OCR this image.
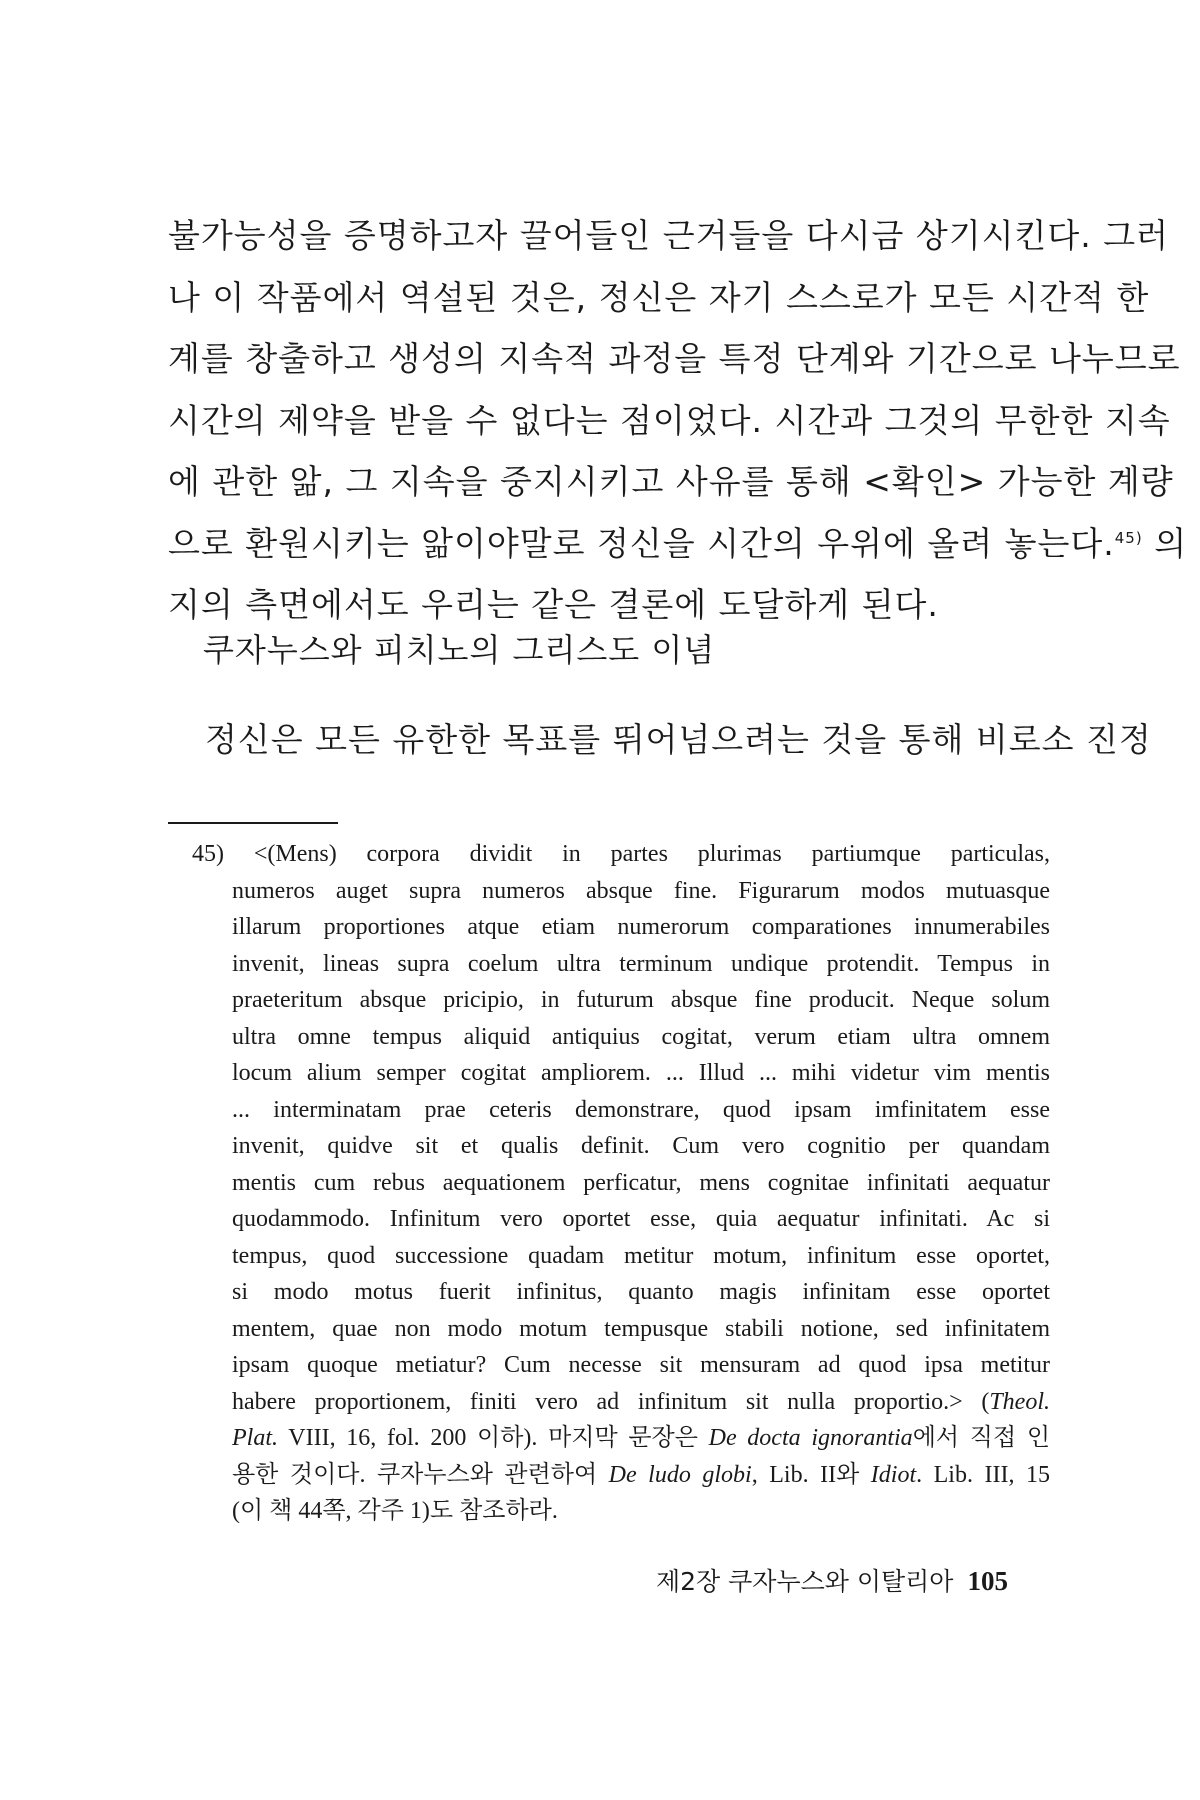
불가능성을 증명하고자 끌어들인 근거들을 다시금 상기시킨다. 그러
나 이 작품에서 역설된 것은, 정신은 자기 스스로가 모든 시간적 한
계를 창출하고 생성의 지속적 과정을 특정 단계와 기간으로 나누므로
시간의 제약을 받을 수 없다는 점이었다. 시간과 그것의 무한한 지속
에 관한 앎, 그 지속을 중지시키고 사유를 통해 <확인> 가능한 계량
으로 환원시키는 앎이야말로 정신을 시간의 우위에 올려 놓는다.$^{45)}$ 의
지의 측면에서도 우리는 같은 결론에 도달하게 된다.
쿠자누스와 피치노의 그리스도 이념
정신은 모든 유한한 목표를 뛰어넘으려는 것을 통해 비로소 진정
45) <(Mens) corpora dividit in partes plurimas partiumque particulas,
numeros auget supra numeros absque fine. Figurarum modos mutuasque
illarum proportiones atque etiam numerorum comparationes innumerabiles
invenit, lineas supra coelum ultra terminum undique protendit. Tempus in
praeteritum absque pricipio, in futurum absque fine producit. Neque solum
ultra omne tempus aliquid antiquius cogitat, verum etiam ultra omnem
locum alium semper cogitat ampliorem. ... Illud ... mihi videtur vim mentis
... interminatam prae ceteris demonstrare, quod ipsam imfinitatem esse
invenit, quidve sit et qualis definit. Cum vero cognitio per quandam
mentis cum rebus aequationem perficatur, mens cognitae infinitati aequatur
quodammodo. Infinitum vero oportet esse, quia aequatur infinitati. Ac si
tempus, quod successione quadam metitur motum, infinitum esse oportet,
si modo motus fuerit infinitus, quanto magis infinitam esse oportet
mentem, quae non modo motum tempusque stabili notione, sed infinitatem
ipsam quoque metiatur? Cum necesse sit mensuram ad quod ipsa metitur
habere proportionem, finiti vero ad infinitum sit nulla proportio.> (Theol.
Plat. VIII, 16, fol. 200 이하). 마지막 문장은 De docta ignorantia에서 직접 인
용한 것이다. 쿠자누스와 관련하여 De ludo globi, Lib. II와 Idiot. Lib. III, 15
(이 책 44쪽, 각주 1)도 참조하라.
제2장 쿠자누스와 이탈리아 105
